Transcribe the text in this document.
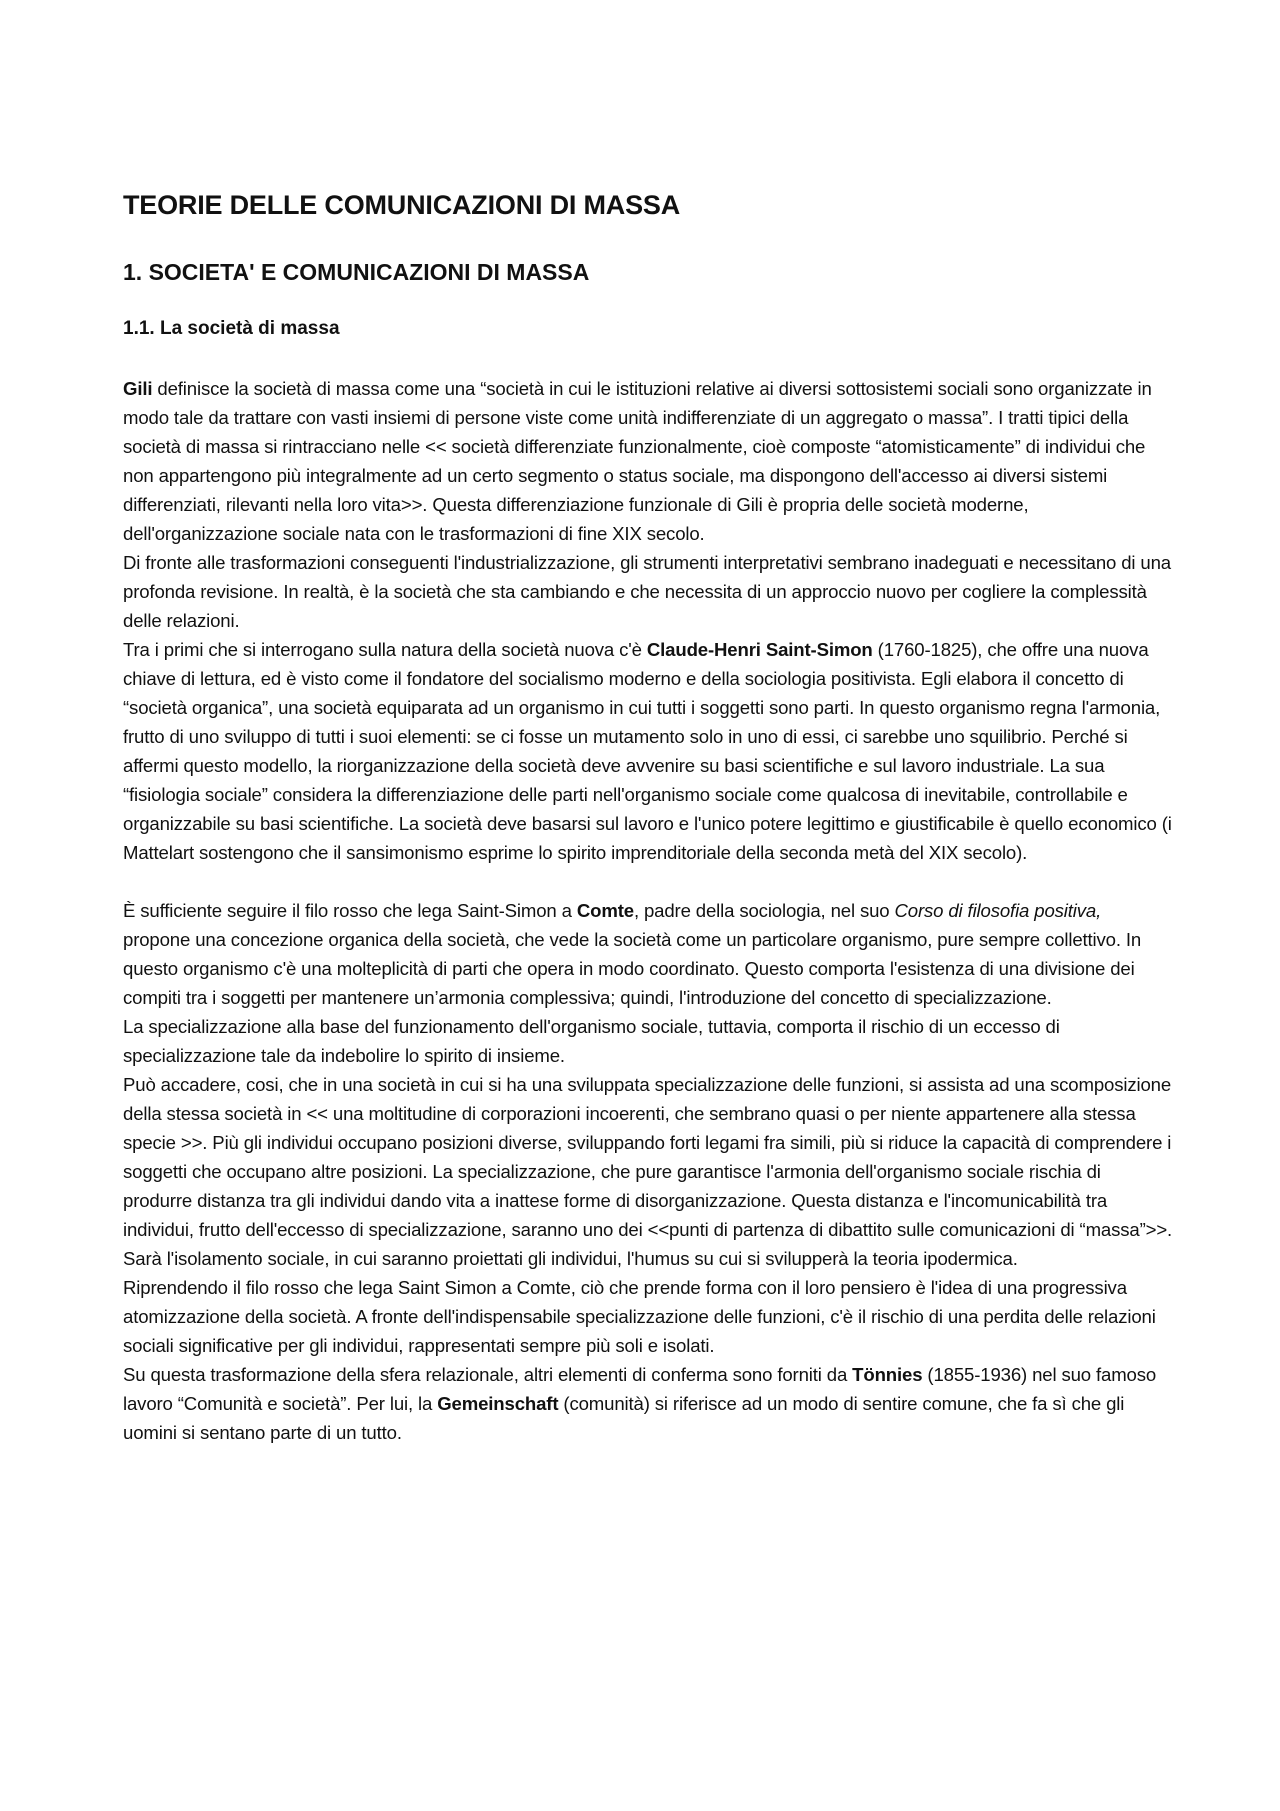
TEORIE DELLE COMUNICAZIONI DI MASSA
1. SOCIETA' E COMUNICAZIONI DI MASSA
1.1. La società di massa

Gili definisce la società di massa come una “società in cui le istituzioni relative ai diversi sottosistemi sociali sono organizzate in modo tale da trattare con vasti insiemi di persone viste come unità indifferenziate di un aggregato o massa”. I tratti tipici della società di massa si rintracciano nelle << società differenziate funzionalmente, cioè composte “atomisticamente” di individui che non appartengono più integralmente ad un certo segmento o status sociale, ma dispongono dell'accesso ai diversi sistemi differenziati, rilevanti nella loro vita>>. Questa differenziazione funzionale di Gili è propria delle società moderne, dell'organizzazione sociale nata con le trasformazioni di fine XIX secolo.

Di fronte alle trasformazioni conseguenti l'industrializzazione, gli strumenti interpretativi sembrano inadeguati e necessitano di una profonda revisione. In realtà, è la società che sta cambiando e che necessita di un approccio nuovo per cogliere la complessità delle relazioni.

Tra i primi che si interrogano sulla natura della società nuova c'è Claude-Henri Saint-Simon (1760-1825), che offre una nuova chiave di lettura, ed è visto come il fondatore del socialismo moderno e della sociologia positivista. Egli elabora il concetto di “società organica”, una società equiparata ad un organismo in cui tutti i soggetti sono parti. In questo organismo regna l'armonia, frutto di uno sviluppo di tutti i suoi elementi: se ci fosse un mutamento solo in uno di essi, ci sarebbe uno squilibrio. Perché si affermi questo modello, la riorganizzazione della società deve avvenire su basi scientifiche e sul lavoro industriale. La sua “fisiologia sociale” considera la differenziazione delle parti nell'organismo sociale come qualcosa di inevitabile, controllabile e organizzabile su basi scientifiche. La società deve basarsi sul lavoro e l'unico potere legittimo e giustificabile è quello economico (i Mattelart sostengono che il sansimonismo esprime lo spirito imprenditoriale della seconda metà del XIX secolo).

È sufficiente seguire il filo rosso che lega Saint-Simon a Comte, padre della sociologia, nel suo Corso di filosofia positiva, propone una concezione organica della società, che vede la società come un particolare organismo, pure sempre collettivo. In questo organismo c'è una molteplicità di parti che opera in modo coordinato. Questo comporta l'esistenza di una divisione dei compiti tra i soggetti per mantenere un’armonia complessiva; quindi, l'introduzione del concetto di specializzazione.

La specializzazione alla base del funzionamento dell'organismo sociale, tuttavia, comporta il rischio di un eccesso di specializzazione tale da indebolire lo spirito di insieme.

Può accadere, cosi, che in una società in cui si ha una sviluppata specializzazione delle funzioni, si assista ad una scomposizione della stessa società in << una moltitudine di corporazioni incoerenti, che sembrano quasi o per niente appartenere alla stessa specie >>. Più gli individui occupano posizioni diverse, sviluppando forti legami fra simili, più si riduce la capacità di comprendere i soggetti che occupano altre posizioni. La specializzazione, che pure garantisce l'armonia dell'organismo sociale rischia di produrre distanza tra gli individui dando vita a inattese forme di disorganizzazione. Questa distanza e l'incomunicabilità tra individui, frutto dell'eccesso di specializzazione, saranno uno dei <<punti di partenza di dibattito sulle comunicazioni di “massa”>>. Sarà l'isolamento sociale, in cui saranno proiettati gli individui, l'humus su cui si svilupperà la teoria ipodermica.

Riprendendo il filo rosso che lega Saint Simon a Comte, ciò che prende forma con il loro pensiero è l'idea di una progressiva atomizzazione della società. A fronte dell'indispensabile specializzazione delle funzioni, c'è il rischio di una perdita delle relazioni sociali significative per gli individui, rappresentati sempre più soli e isolati.

Su questa trasformazione della sfera relazionale, altri elementi di conferma sono forniti da Tönnies (1855-1936) nel suo famoso lavoro “Comunità e società”. Per lui, la Gemeinschaft (comunità) si riferisce ad un modo di sentire comune, che fa sì che gli uomini si sentano parte di un tutto.
